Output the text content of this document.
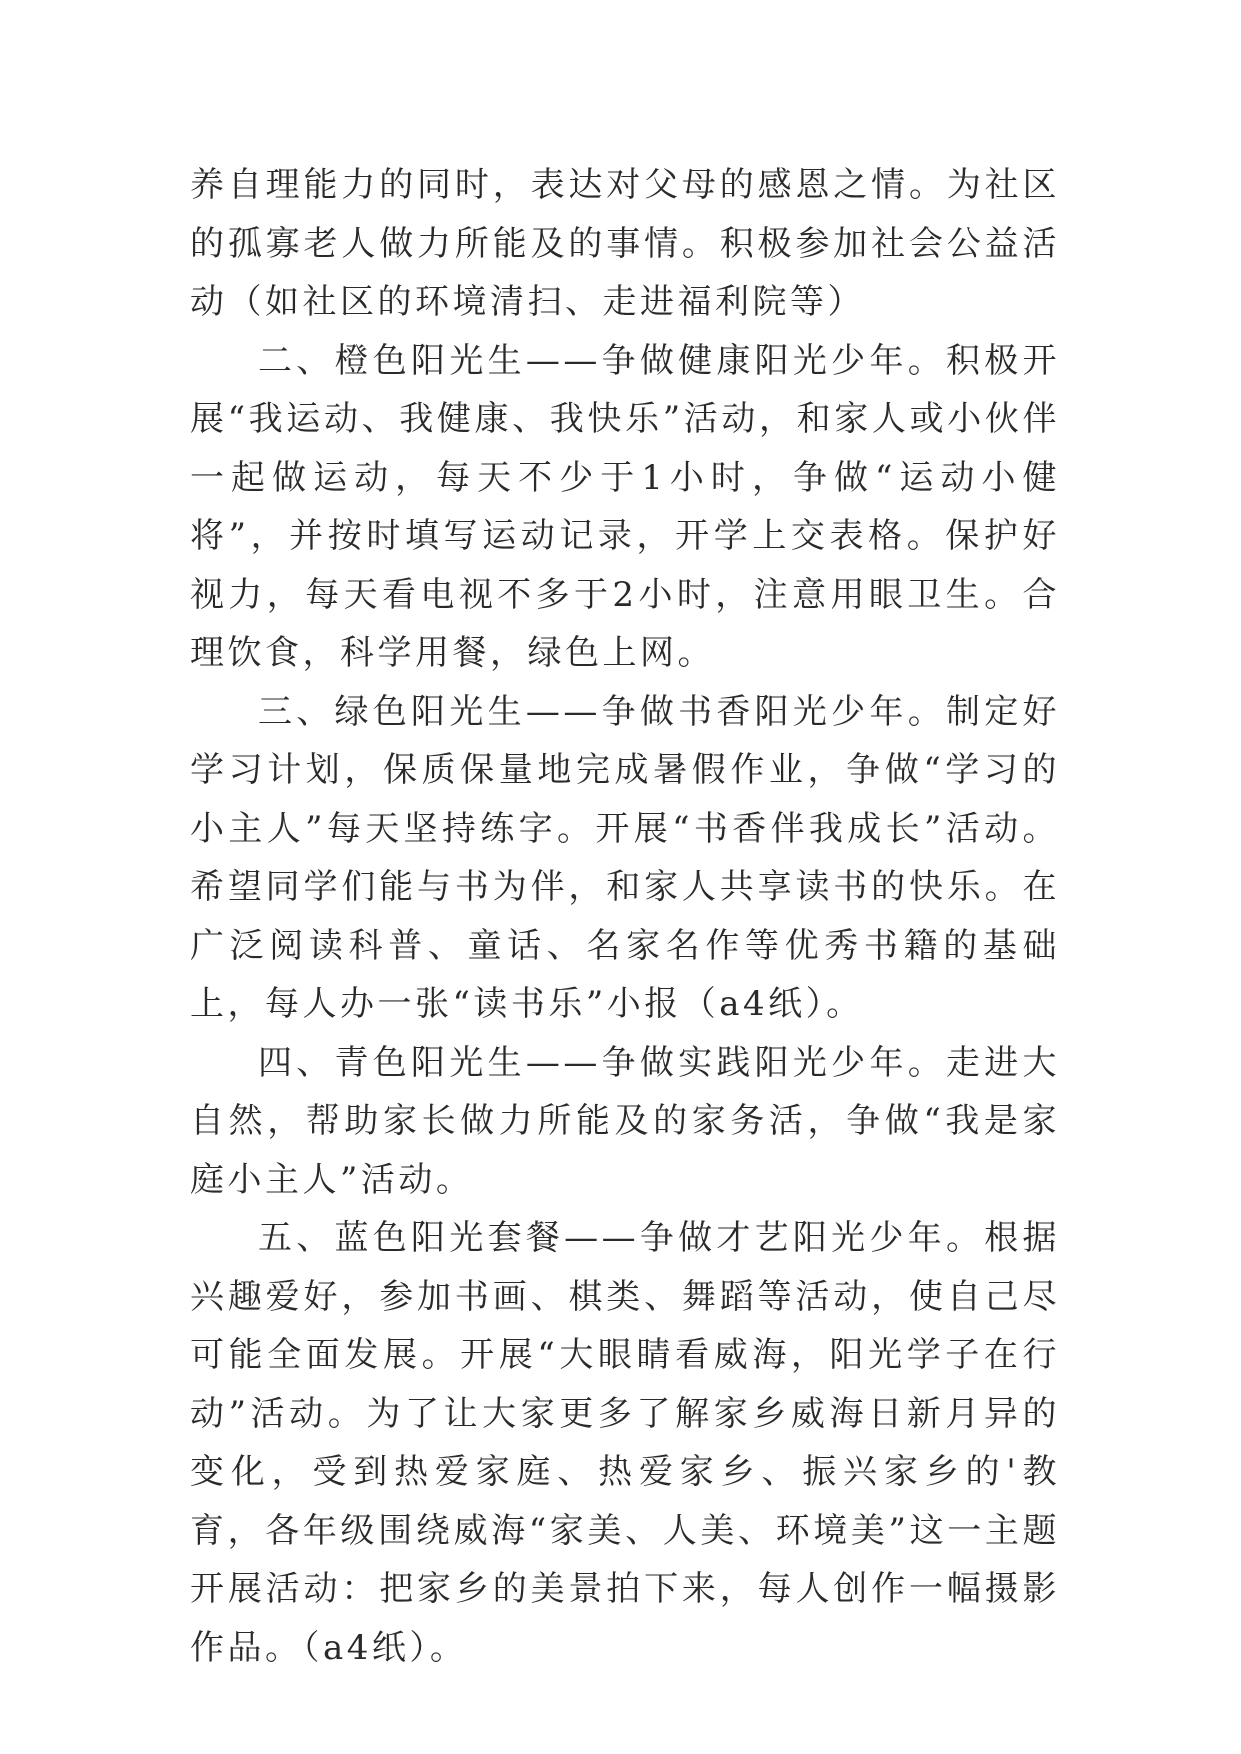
养自理能力的同时，表达对父母的感恩之情。为社区的孤寡老人做力所能及的事情。积极参加社会公益活动（如社区的环境清扫、走进福利院等）

二、橙色阳光生——争做健康阳光少年。积极开展“我运动、我健康、我快乐”活动，和家人或小伙伴一起做运动，每天不少于1小时，争做“运动小健将”，并按时填写运动记录，开学上交表格。保护好视力，每天看电视不多于2小时，注意用眼卫生。合理饮食，科学用餐，绿色上网。

三、绿色阳光生——争做书香阳光少年。制定好学习计划，保质保量地完成暑假作业，争做“学习的小主人”每天坚持练字。开展“书香伴我成长”活动。希望同学们能与书为伴，和家人共享读书的快乐。在广泛阅读科普、童话、名家名作等优秀书籍的基础上，每人办一张“读书乐”小报（a4纸）。

四、青色阳光生——争做实践阳光少年。走进大自然，帮助家长做力所能及的家务活，争做“我是家庭小主人”活动。

五、蓝色阳光套餐——争做才艺阳光少年。根据兴趣爱好，参加书画、棋类、舞蹈等活动，使自己尽可能全面发展。开展“大眼睛看威海，阳光学子在行动”活动。为了让大家更多了解家乡威海日新月异的变化，受到热爱家庭、热爱家乡、振兴家乡的'教育，各年级围绕威海“家美、人美、环境美”这一主题开展活动：把家乡的美景拍下来，每人创作一幅摄影作品。（a4纸）。
